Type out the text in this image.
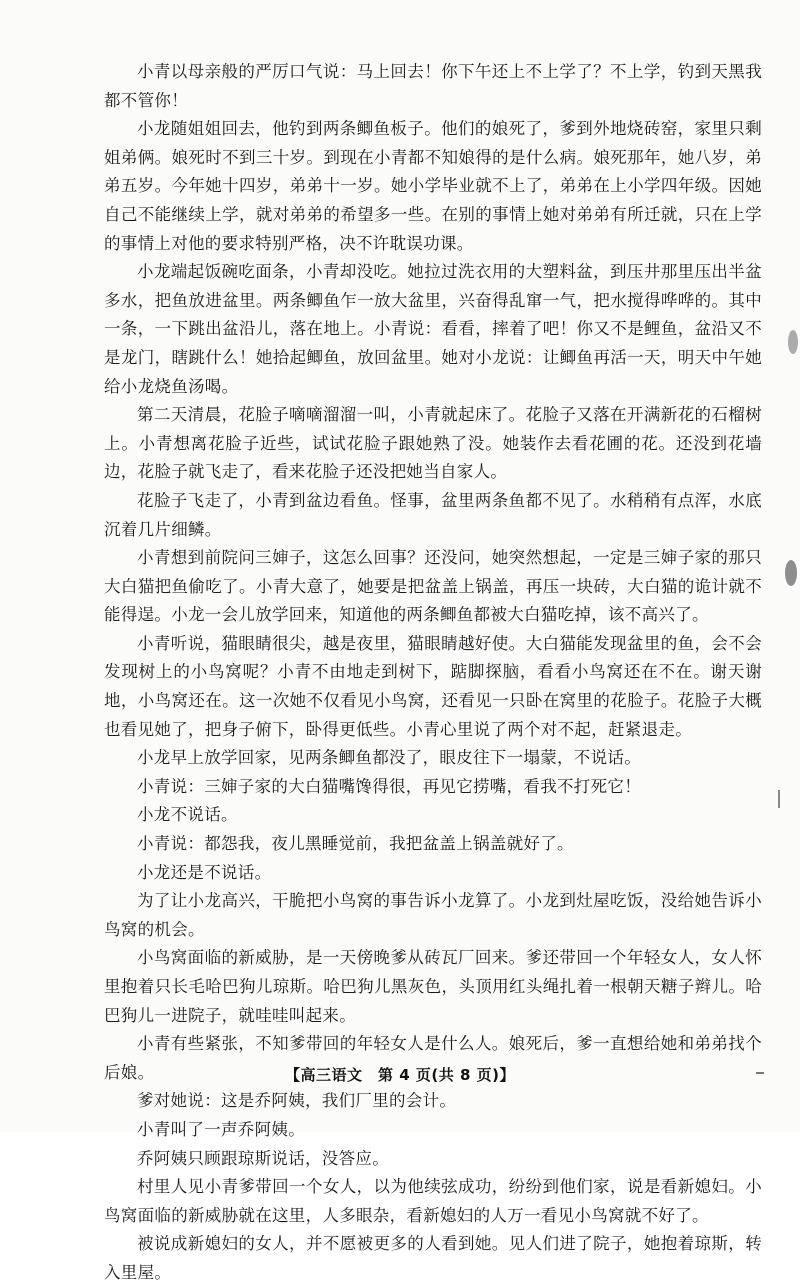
小青以母亲般的严厉口气说：马上回去！你下午还上不上学了？不上学，钓到天黑我都不管你！

小龙随姐姐回去，他钓到两条鲫鱼板子。他们的娘死了，爹到外地烧砖窑，家里只剩姐弟俩。娘死时不到三十岁。到现在小青都不知娘得的是什么病。娘死那年，她八岁，弟弟五岁。今年她十四岁，弟弟十一岁。她小学毕业就不上了，弟弟在上小学四年级。因她自己不能继续上学，就对弟弟的希望多一些。在别的事情上她对弟弟有所迁就，只在上学的事情上对他的要求特别严格，决不许耽误功课。

小龙端起饭碗吃面条，小青却没吃。她拉过洗衣用的大塑料盆，到压井那里压出半盆多水，把鱼放进盆里。两条鲫鱼乍一放大盆里，兴奋得乱窜一气，把水搅得哗哗的。其中一条，一下跳出盆沿儿，落在地上。小青说：看看，摔着了吧！你又不是鲤鱼，盆沿又不是龙门，瞎跳什么！她拾起鲫鱼，放回盆里。她对小龙说：让鲫鱼再活一天，明天中午她给小龙烧鱼汤喝。

第二天清晨，花脸子嘀嘀溜溜一叫，小青就起床了。花脸子又落在开满新花的石榴树上。小青想离花脸子近些，试试花脸子跟她熟了没。她装作去看花圃的花。还没到花墙边，花脸子就飞走了，看来花脸子还没把她当自家人。

花脸子飞走了，小青到盆边看鱼。怪事，盆里两条鱼都不见了。水稍稍有点浑，水底沉着几片细鳞。

小青想到前院问三婶子，这怎么回事？还没问，她突然想起，一定是三婶子家的那只大白猫把鱼偷吃了。小青大意了，她要是把盆盖上锅盖，再压一块砖，大白猫的诡计就不能得逞。小龙一会儿放学回来，知道他的两条鲫鱼都被大白猫吃掉，该不高兴了。

小青听说，猫眼睛很尖，越是夜里，猫眼睛越好使。大白猫能发现盆里的鱼，会不会发现树上的小鸟窝呢？小青不由地走到树下，踮脚探脑，看看小鸟窝还在不在。谢天谢地，小鸟窝还在。这一次她不仅看见小鸟窝，还看见一只卧在窝里的花脸子。花脸子大概也看见她了，把身子俯下，卧得更低些。小青心里说了两个对不起，赶紧退走。

小龙早上放学回家，见两条鲫鱼都没了，眼皮往下一塌蒙，不说话。

小青说：三婶子家的大白猫嘴馋得很，再见它捞嘴，看我不打死它！

小龙不说话。

小青说：都怨我，夜儿黑睡觉前，我把盆盖上锅盖就好了。

小龙还是不说话。

为了让小龙高兴，干脆把小鸟窝的事告诉小龙算了。小龙到灶屋吃饭，没给她告诉小鸟窝的机会。

小鸟窝面临的新威胁，是一天傍晚爹从砖瓦厂回来。爹还带回一个年轻女人，女人怀里抱着只长毛哈巴狗儿琼斯。哈巴狗儿黑灰色，头顶用红头绳扎着一根朝天糖子辫儿。哈巴狗儿一进院子，就哇哇叫起来。

小青有些紧张，不知爹带回的年轻女人是什么人。娘死后，爹一直想给她和弟弟找个后娘。

爹对她说：这是乔阿姨，我们厂里的会计。

小青叫了一声乔阿姨。

乔阿姨只顾跟琼斯说话，没答应。

村里人见小青爹带回一个女人，以为他续弦成功，纷纷到他们家，说是看新媳妇。小鸟窝面临的新威胁就在这里，人多眼杂，看新媳妇的人万一看见小鸟窝就不好了。

被说成新媳妇的女人，并不愿被更多的人看到她。见人们进了院子，她抱着琼斯，转入里屋。

【高三语文　第 4 页(共 8 页)】
